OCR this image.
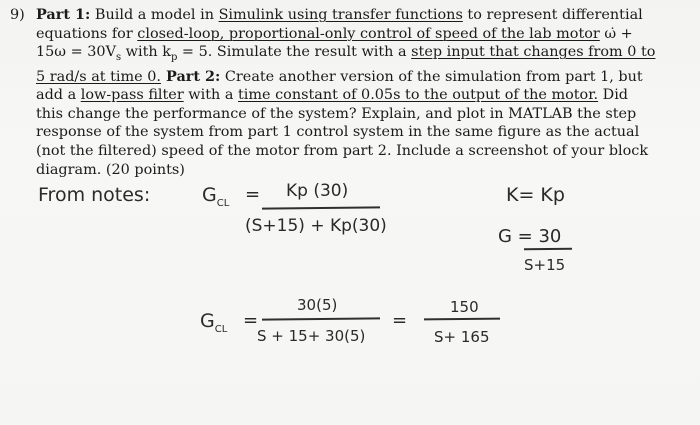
9) Part 1: Build a model in Simulink using transfer functions to represent differential
equations for closed-loop, proportional-only control of speed of the lab motor ω̇ +
$15\omega = 30V_s$ with $k_p = 5$. Simulate the result with a step input that changes from 0 to
5 rad/s at time 0. Part 2: Create another version of the simulation from part 1, but
add a low-pass filter with a time constant of 0.05s to the output of the motor. Did
this change the performance of the system? Explain, and plot in MATLAB the step
response of the system from part 1 control system in the same figure as the actual
(not the filtered) speed of the motor from part 2. Include a screenshot of your block
diagram. (20 points)
From notes:	$G_{CL} = Kp$ (30)
(S+15) + Kp(30)
K= Kp
G = 30
S+15
$G_{CL}$ =
30(5)
S + 15+ 30(5)
=
150
S+ 165
